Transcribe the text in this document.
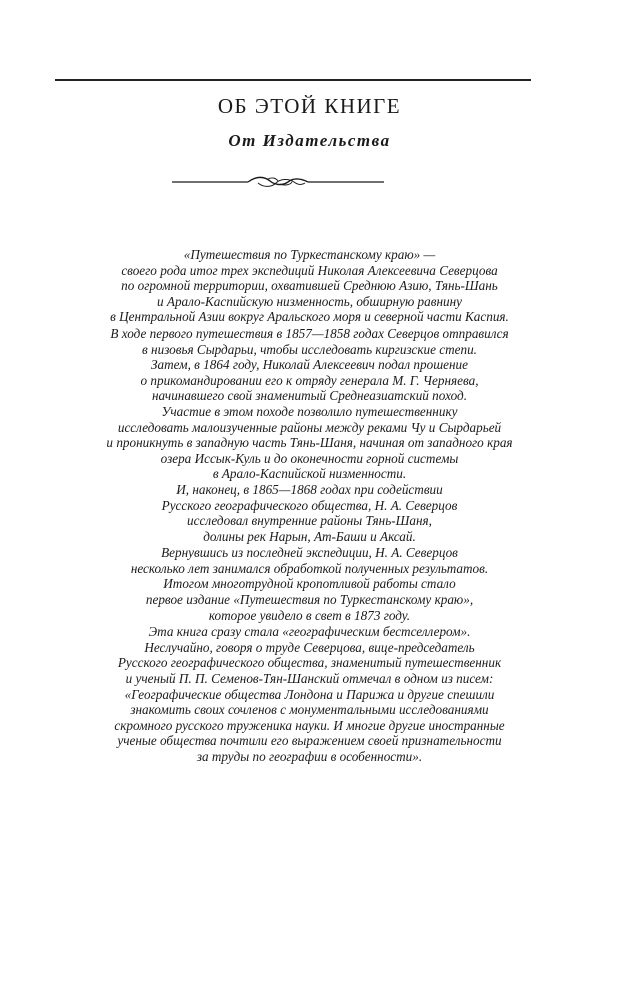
ОБ ЭТОЙ КНИГЕ
От Издательства

«Путешествия по Туркестанскому краю» —
своего рода итог трех экспедиций Николая Алексеевича Северцова
по огромной территории, охватившей Среднюю Азию, Тянь-Шань
и Арало-Каспийскую низменность, обширную равнину
в Центральной Азии вокруг Аральского моря и северной части Каспия.

В ходе первого путешествия в 1857—1858 годах Северцов отправился
в низовья Сырдарьи, чтобы исследовать киргизские степи.
Затем, в 1864 году, Николай Алексеевич подал прошение
о прикомандировании его к отряду генерала М. Г. Черняева,
начинавшего свой знаменитый Среднеазиатский поход.
Участие в этом походе позволило путешественнику
исследовать малоизученные районы между реками Чу и Сырдарьей
и проникнуть в западную часть Тянь-Шаня, начиная от западного края
озера Иссык-Куль и до оконечности горной системы
в Арало-Каспийской низменности.
И, наконец, в 1865—1868 годах при содействии
Русского географического общества, Н. А. Северцов
исследовал внутренние районы Тянь-Шаня,
долины рек Нарын, Ат-Баши и Аксай.

Вернувшись из последней экспедиции, Н. А. Северцов
несколько лет занимался обработкой полученных результатов.
Итогом многотрудной кропотливой работы стало
первое издание «Путешествия по Туркестанскому краю»,
которое увидело в свет в 1873 году.

Эта книга сразу стала «географическим бестселлером».
Неслучайно, говоря о труде Северцова, вице-председатель
Русского географического общества, знаменитый путешественник
и ученый П. П. Семенов-Тян-Шанский отмечал в одном из писем:
«Географические общества Лондона и Парижа и другие спешили
знакомить своих сочленов с монументальными исследованиями
скромного русского труженика науки. И многие другие иностранные
ученые общества почтили его выражением своей признательности
за труды по географии в особенности».
